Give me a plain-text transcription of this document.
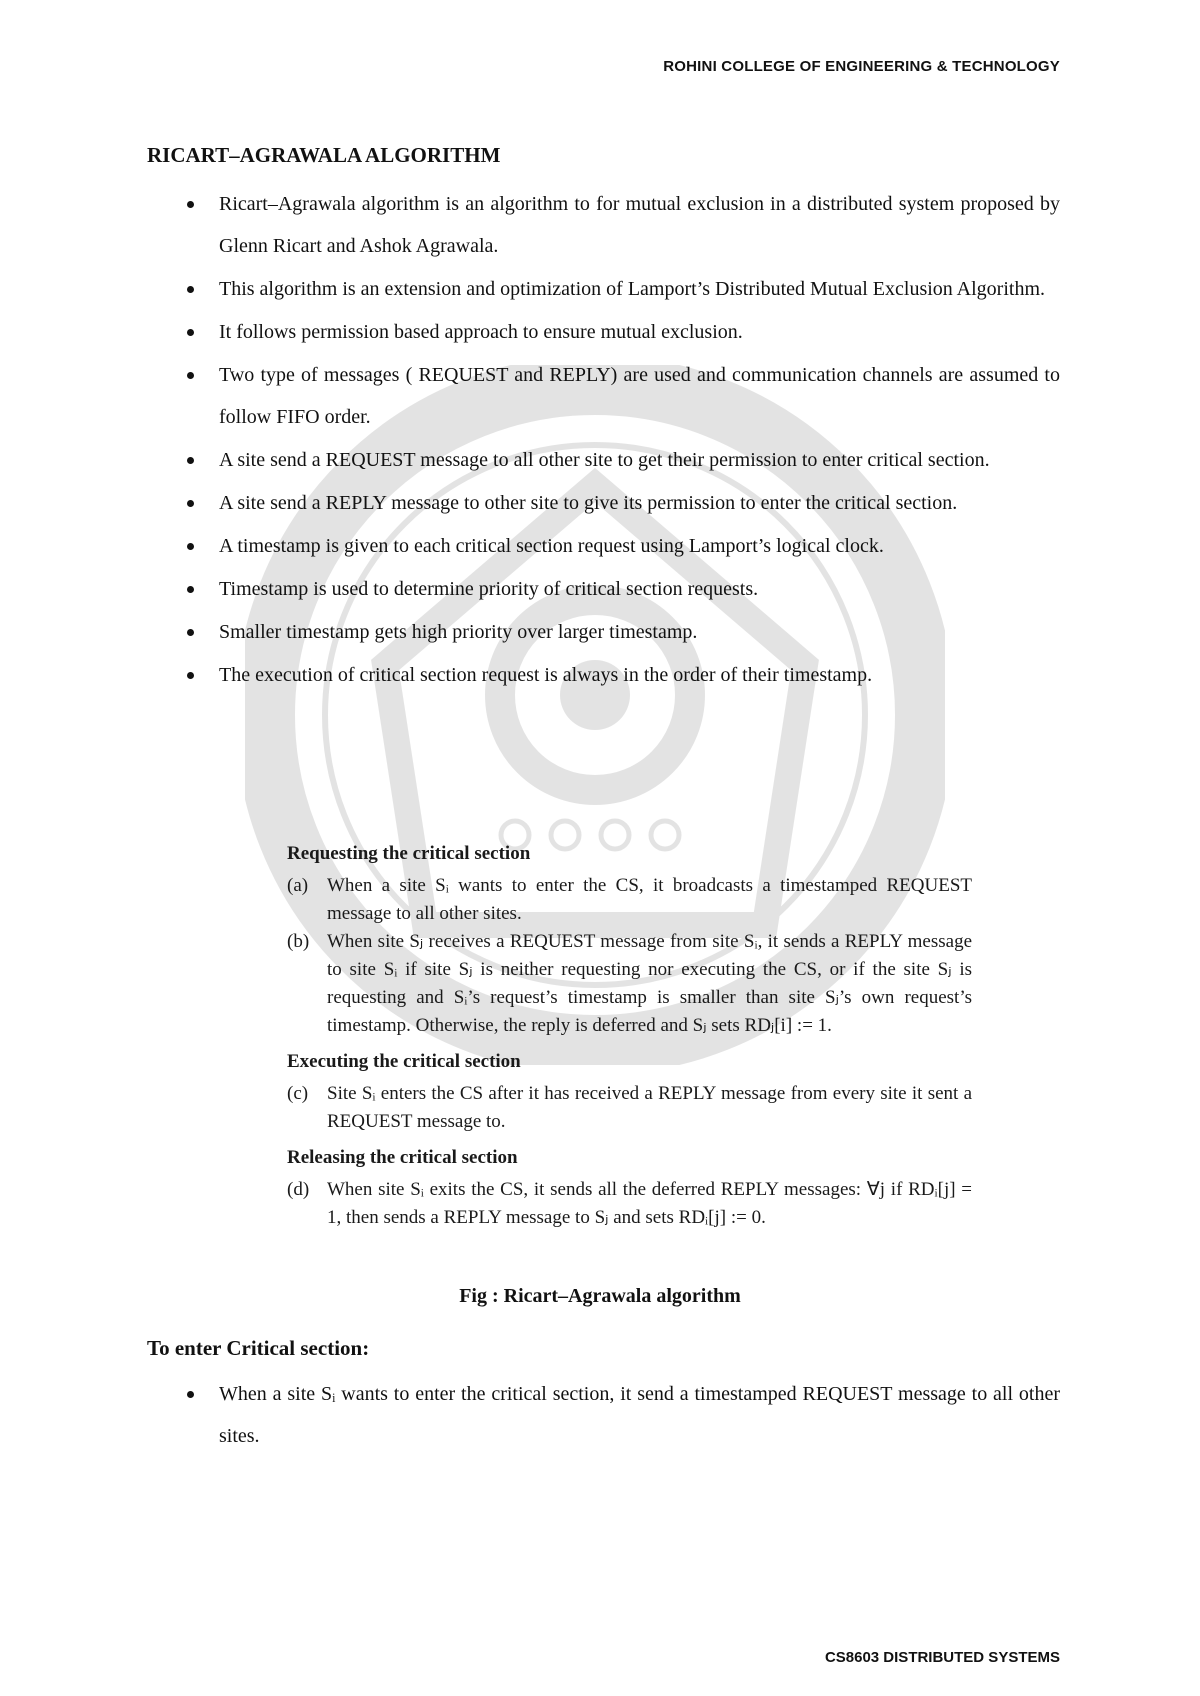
ROHINI COLLEGE OF ENGINEERING & TECHNOLOGY
RICART–AGRAWALA ALGORITHM
Ricart–Agrawala algorithm is an algorithm to for mutual exclusion in a distributed system proposed by Glenn Ricart and Ashok Agrawala.
This algorithm is an extension and optimization of Lamport’s Distributed Mutual Exclusion Algorithm.
It follows permission based approach to ensure mutual exclusion.
Two type of messages ( REQUEST and REPLY) are used and communication channels are assumed to follow FIFO order.
A site send a REQUEST message to all other site to get their permission to enter critical section.
A site send a REPLY message to other site to give its permission to enter the critical section.
A timestamp is given to each critical section request using Lamport’s logical clock.
Timestamp is used to determine priority of critical section requests.
Smaller timestamp gets high priority over larger timestamp.
The execution of critical section request is always in the order of their timestamp.
Requesting the critical section
(a) When a site Sᵢ wants to enter the CS, it broadcasts a timestamped REQUEST message to all other sites.
(b) When site Sⱼ receives a REQUEST message from site Sᵢ, it sends a REPLY message to site Sᵢ if site Sⱼ is neither requesting nor executing the CS, or if the site Sⱼ is requesting and Sᵢ’s request’s timestamp is smaller than site Sⱼ’s own request’s timestamp. Otherwise, the reply is deferred and Sⱼ sets RDⱼ[i] := 1.
Executing the critical section
(c) Site Sᵢ enters the CS after it has received a REPLY message from every site it sent a REQUEST message to.
Releasing the critical section
(d) When site Sᵢ exits the CS, it sends all the deferred REPLY messages: ∀j if RDᵢ[j] = 1, then sends a REPLY message to Sⱼ and sets RDᵢ[j] := 0.
Fig : Ricart–Agrawala algorithm
To enter Critical section:
When a site Sᵢ wants to enter the critical section, it send a timestamped REQUEST message to all other sites.
CS8603 DISTRIBUTED SYSTEMS
